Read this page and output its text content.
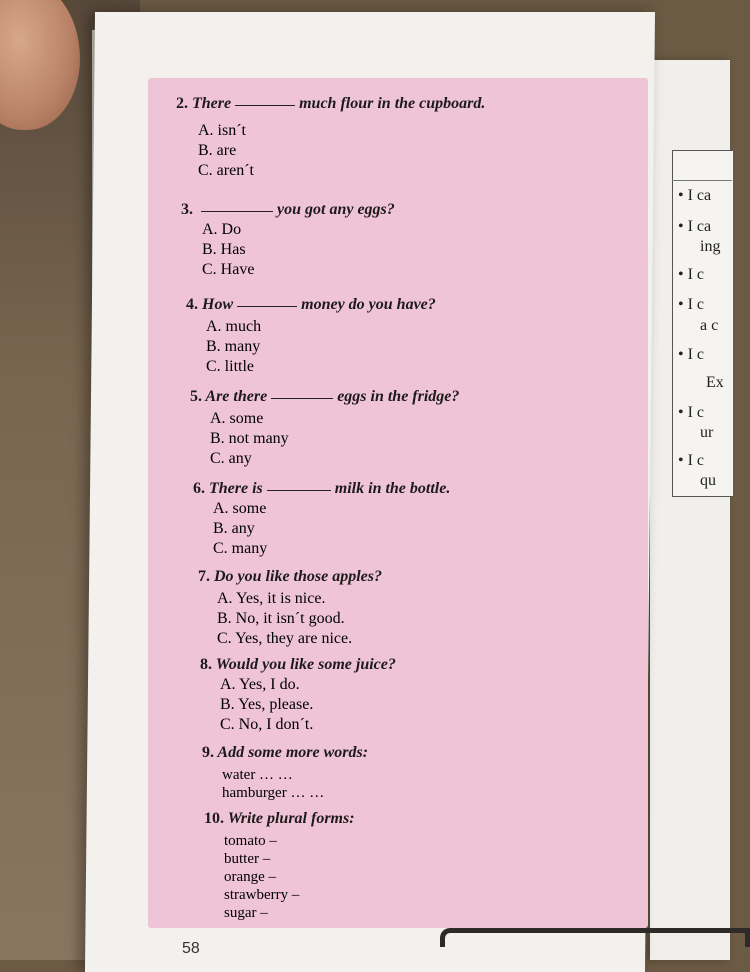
• I ca
• I ca
ing
• I c
• I c
a c
• I c
Ex
• I c
ur
• I c
qu
2. There	much flour in the cupboard.
A. isn´t
B. are
C. aren´t
3.	you got any eggs?
A. Do
B. Has
C. Have
4. How	money do you have?
A. much
B. many
C. little
5. Are there	eggs in the fridge?
A. some
B. not many
C. any
6. There is	milk in the bottle.
A. some
B. any
C. many
7. Do you like those apples?
A. Yes, it is nice.
B. No, it isn´t good.
C. Yes, they are nice.
8. Would you like some juice?
A. Yes, I do.
B. Yes, please.
C. No, I don´t.
9. Add some more words:
water … …
hamburger … …
10. Write plural forms:
tomato –
butter –
orange –
strawberry –
sugar –
58
